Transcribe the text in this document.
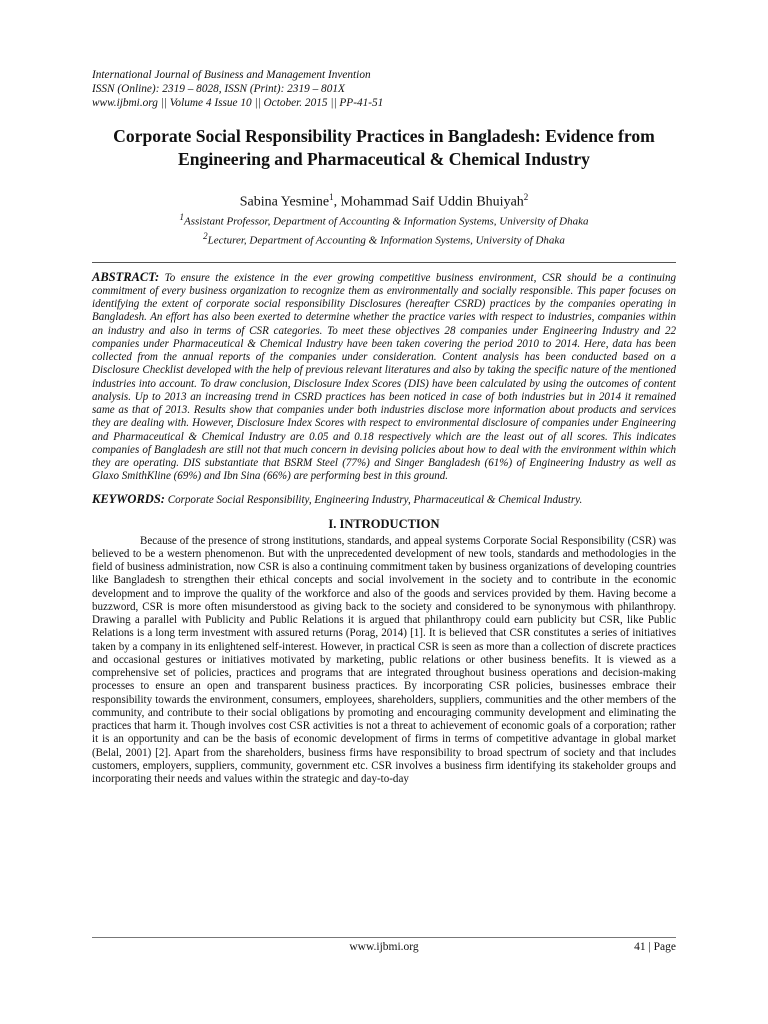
International Journal of Business and Management Invention
ISSN (Online): 2319 – 8028, ISSN (Print): 2319 – 801X
www.ijbmi.org || Volume 4 Issue 10 || October. 2015 || PP-41-51
Corporate Social Responsibility Practices in Bangladesh: Evidence from Engineering and Pharmaceutical & Chemical Industry
Sabina Yesmine$^1$, Mohammad Saif Uddin Bhuiyah$^2$
$^1$Assistant Professor, Department of Accounting & Information Systems, University of Dhaka
$^2$Lecturer, Department of Accounting & Information Systems, University of Dhaka
ABSTRACT: To ensure the existence in the ever growing competitive business environment, CSR should be a continuing commitment of every business organization to recognize them as environmentally and socially responsible. This paper focuses on identifying the extent of corporate social responsibility Disclosures (hereafter CSRD) practices by the companies operating in Bangladesh. An effort has also been exerted to determine whether the practice varies with respect to industries, companies within an industry and also in terms of CSR categories. To meet these objectives 28 companies under Engineering Industry and 22 companies under Pharmaceutical & Chemical Industry have been taken covering the period 2010 to 2014. Here, data has been collected from the annual reports of the companies under consideration. Content analysis has been conducted based on a Disclosure Checklist developed with the help of previous relevant literatures and also by taking the specific nature of the mentioned industries into account. To draw conclusion, Disclosure Index Scores (DIS) have been calculated by using the outcomes of content analysis. Up to 2013 an increasing trend in CSRD practices has been noticed in case of both industries but in 2014 it remained same as that of 2013. Results show that companies under both industries disclose more information about products and services they are dealing with. However, Disclosure Index Scores with respect to environmental disclosure of companies under Engineering and Pharmaceutical & Chemical Industry are 0.05 and 0.18 respectively which are the least out of all scores. This indicates companies of Bangladesh are still not that much concern in devising policies about how to deal with the environment within which they are operating. DIS substantiate that BSRM Steel (77%) and Singer Bangladesh (61%) of Engineering Industry as well as Glaxo SmithKline (69%) and Ibn Sina (66%) are performing best in this ground.
KEYWORDS: Corporate Social Responsibility, Engineering Industry, Pharmaceutical & Chemical Industry.
I. INTRODUCTION
Because of the presence of strong institutions, standards, and appeal systems Corporate Social Responsibility (CSR) was believed to be a western phenomenon. But with the unprecedented development of new tools, standards and methodologies in the field of business administration, now CSR is also a continuing commitment taken by business organizations of developing countries like Bangladesh to strengthen their ethical concepts and social involvement in the society and to contribute in the economic development and to improve the quality of the workforce and also of the goods and services provided by them. Having become a buzzword, CSR is more often misunderstood as giving back to the society and considered to be synonymous with philanthropy. Drawing a parallel with Publicity and Public Relations it is argued that philanthropy could earn publicity but CSR, like Public Relations is a long term investment with assured returns (Porag, 2014) [1]. It is believed that CSR constitutes a series of initiatives taken by a company in its enlightened self-interest. However, in practical CSR is seen as more than a collection of discrete practices and occasional gestures or initiatives motivated by marketing, public relations or other business benefits. It is viewed as a comprehensive set of policies, practices and programs that are integrated throughout business operations and decision-making processes to ensure an open and transparent business practices. By incorporating CSR policies, businesses embrace their responsibility towards the environment, consumers, employees, shareholders, suppliers, communities and the other members of the community, and contribute to their social obligations by promoting and encouraging community development and eliminating the practices that harm it. Though involves cost CSR activities is not a threat to achievement of economic goals of a corporation; rather it is an opportunity and can be the basis of economic development of firms in terms of competitive advantage in global market (Belal, 2001) [2]. Apart from the shareholders, business firms have responsibility to broad spectrum of society and that includes customers, employers, suppliers, community, government etc. CSR involves a business firm identifying its stakeholder groups and incorporating their needs and values within the strategic and day-to-day
www.ijbmi.org	41 | Page
